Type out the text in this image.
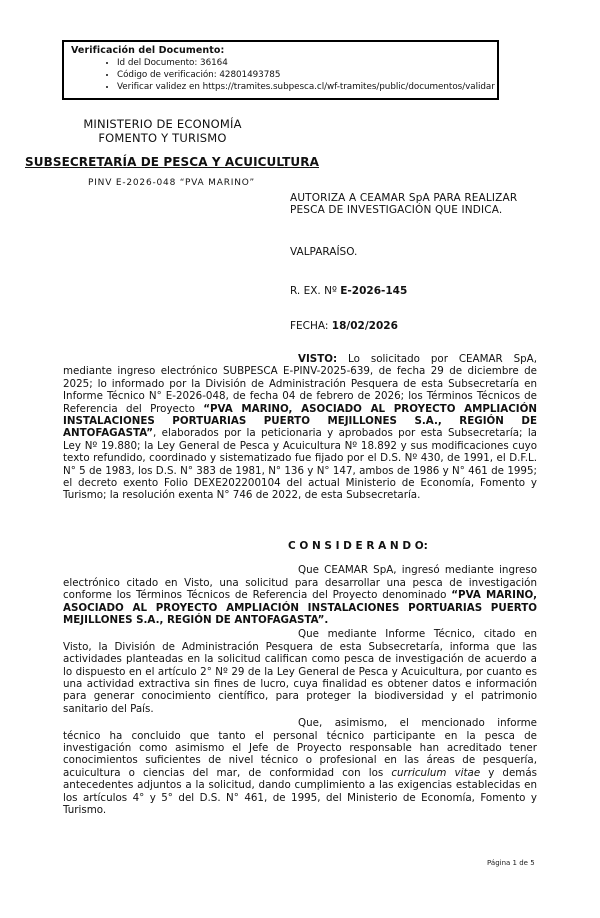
Verificación del Documento:
• Id del Documento: 36164
• Código de verificación: 42801493785
• Verificar validez en https://tramites.subpesca.cl/wf-tramites/public/documentos/validar
MINISTERIO DE ECONOMÍA
FOMENTO Y TURISMO
SUBSECRETARÍA DE PESCA Y ACUICULTURA
PINV E-2026-048 “PVA MARINO”
AUTORIZA A CEAMAR SpA PARA REALIZAR
PESCA DE INVESTIGACIÓN QUE INDICA.
VALPARAÍSO.
R. EX. Nº E-2026-145
FECHA: 18/02/2026

VISTO: Lo solicitado por CEAMAR SpA, mediante ingreso electrónico SUBPESCA E-PINV-2025-639, de fecha 29 de diciembre de 2025; lo informado por la División de Administración Pesquera de esta Subsecretaría en Informe Técnico N° E-2026-048, de fecha 04 de febrero de 2026; los Términos Técnicos de Referencia del Proyecto “PVA MARINO, ASOCIADO AL PROYECTO AMPLIACIÓN INSTALACIONES PORTUARIAS PUERTO MEJILLONES S.A., REGIÓN DE ANTOFAGASTA”, elaborados por la peticionaria y aprobados por esta Subsecretaría; la Ley Nº 19.880; la Ley General de Pesca y Acuicultura Nº 18.892 y sus modificaciones cuyo texto refundido, coordinado y sistematizado fue fijado por el D.S. Nº 430, de 1991, el D.F.L. N° 5 de 1983, los D.S. N° 383 de 1981, N° 136 y N° 147, ambos de 1986 y N° 461 de 1995; el decreto exento Folio DEXE202200104 del actual Ministerio de Economía, Fomento y Turismo; la resolución exenta N° 746 de 2022, de esta Subsecretaría.

C O N S I D E R A N D O:

Que CEAMAR SpA, ingresó mediante ingreso electrónico citado en Visto, una solicitud para desarrollar una pesca de investigación conforme los Términos Técnicos de Referencia del Proyecto denominado “PVA MARINO, ASOCIADO AL PROYECTO AMPLIACIÓN INSTALACIONES PORTUARIAS PUERTO MEJILLONES S.A., REGIÓN DE ANTOFAGASTA”.

Que mediante Informe Técnico, citado en Visto, la División de Administración Pesquera de esta Subsecretaría, informa que las actividades planteadas en la solicitud califican como pesca de investigación de acuerdo a lo dispuesto en el artículo 2° Nº 29 de la Ley General de Pesca y Acuicultura, por cuanto es una actividad extractiva sin fines de lucro, cuya finalidad es obtener datos e información para generar conocimiento científico, para proteger la biodiversidad y el patrimonio sanitario del País.

Que, asimismo, el mencionado informe técnico ha concluido que tanto el personal técnico participante en la pesca de investigación como asimismo el Jefe de Proyecto responsable han acreditado tener conocimientos suficientes de nivel técnico o profesional en las áreas de pesquería, acuicultura o ciencias del mar, de conformidad con los curriculum vitae y demás antecedentes adjuntos a la solicitud, dando cumplimiento a las exigencias establecidas en los artículos 4° y 5° del D.S. N° 461, de 1995, del Ministerio de Economía, Fomento y Turismo.

Página 1 de 5
